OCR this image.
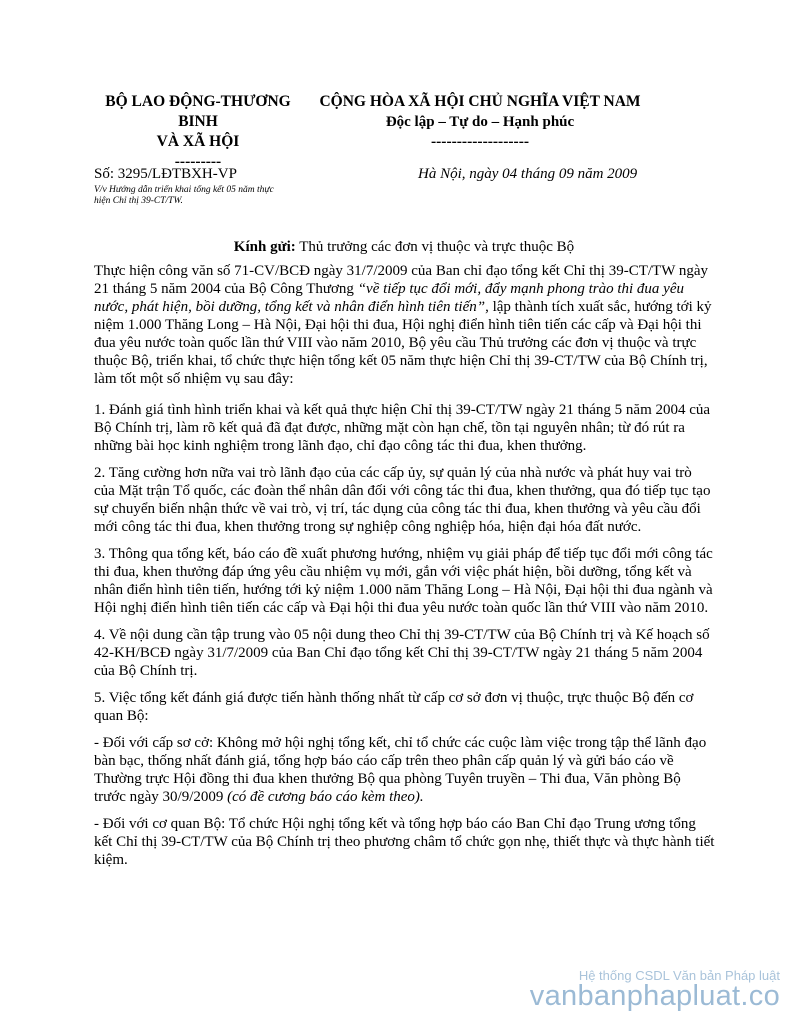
BỘ LAO ĐỘNG-THƯƠNG
BINH
VÀ XÃ HỘI
---------
CỘNG HÒA XÃ HỘI CHỦ NGHĨA VIỆT NAM
Độc lập – Tự do – Hạnh phúc
-------------------
Số: 3295/LĐTBXH-VP
V/v Hướng dẫn triển khai tổng kết 05 năm thực
hiện Chỉ thị 39-CT/TW.
Hà Nội, ngày 04 tháng 09 năm 2009
Kính gửi: Thủ trưởng các đơn vị thuộc và trực thuộc Bộ

Thực hiện công văn số 71-CV/BCĐ ngày 31/7/2009 của Ban chỉ đạo tổng kết Chỉ thị 39-CT/TW ngày 21 tháng 5 năm 2004 của Bộ Công Thương “về tiếp tục đổi mới, đẩy mạnh phong trào thi đua yêu nước, phát hiện, bồi dưỡng, tổng kết và nhân điển hình tiên tiến”, lập thành tích xuất sắc, hướng tới kỷ niệm 1.000 Thăng Long – Hà Nội, Đại hội thi đua, Hội nghị điển hình tiên tiến các cấp và Đại hội thi đua yêu nước toàn quốc lần thứ VIII vào năm 2010, Bộ yêu cầu Thủ trưởng các đơn vị thuộc và trực thuộc Bộ, triển khai, tổ chức thực hiện tổng kết 05 năm thực hiện Chỉ thị 39-CT/TW của Bộ Chính trị, làm tốt một số nhiệm vụ sau đây:

1. Đánh giá tình hình triển khai và kết quả thực hiện Chỉ thị 39-CT/TW ngày 21 tháng 5 năm 2004 của Bộ Chính trị, làm rõ kết quả đã đạt được, những mặt còn hạn chế, tồn tại nguyên nhân; từ đó rút ra những bài học kinh nghiệm trong lãnh đạo, chỉ đạo công tác thi đua, khen thưởng.

2. Tăng cường hơn nữa vai trò lãnh đạo của các cấp ủy, sự quản lý của nhà nước và phát huy vai trò của Mặt trận Tổ quốc, các đoàn thể nhân dân đối với công tác thi đua, khen thưởng, qua đó tiếp tục tạo sự chuyển biến nhận thức về vai trò, vị trí, tác dụng của công tác thi đua, khen thưởng và yêu cầu đổi mới công tác thi đua, khen thưởng trong sự nghiệp công nghiệp hóa, hiện đại hóa đất nước.

3. Thông qua tổng kết, báo cáo đề xuất phương hướng, nhiệm vụ giải pháp để tiếp tục đổi mới công tác thi đua, khen thưởng đáp ứng yêu cầu nhiệm vụ mới, gắn với việc phát hiện, bồi dưỡng, tổng kết và nhân điển hình tiên tiến, hướng tới kỷ niệm 1.000 năm Thăng Long – Hà Nội, Đại hội thi đua ngành và Hội nghị điển hình tiên tiến các cấp và Đại hội thi đua yêu nước toàn quốc lần thứ VIII vào năm 2010.

4. Về nội dung cần tập trung vào 05 nội dung theo Chỉ thị 39-CT/TW của Bộ Chính trị và Kế hoạch số 42-KH/BCĐ ngày 31/7/2009 của Ban Chỉ đạo tổng kết Chỉ thị 39-CT/TW ngày 21 tháng 5 năm 2004 của Bộ Chính trị.

5. Việc tổng kết đánh giá được tiến hành thống nhất từ cấp cơ sở đơn vị thuộc, trực thuộc Bộ đến cơ quan Bộ:

- Đối với cấp sơ cở: Không mở hội nghị tổng kết, chỉ tổ chức các cuộc làm việc trong tập thể lãnh đạo bàn bạc, thống nhất đánh giá, tổng hợp báo cáo cấp trên theo phân cấp quản lý và gửi báo cáo về Thường trực Hội đồng thi đua khen thưởng Bộ qua phòng Tuyên truyền – Thi đua, Văn phòng Bộ trước ngày 30/9/2009 (có đề cương báo cáo kèm theo).

- Đối với cơ quan Bộ: Tổ chức Hội nghị tổng kết và tổng hợp báo cáo Ban Chỉ đạo Trung ương tổng kết Chỉ thị 39-CT/TW của Bộ Chính trị theo phương châm tổ chức gọn nhẹ, thiết thực và thực hành tiết kiệm.

Hệ thống CSDL Văn bản Pháp luật
vanbanphapluat.co
